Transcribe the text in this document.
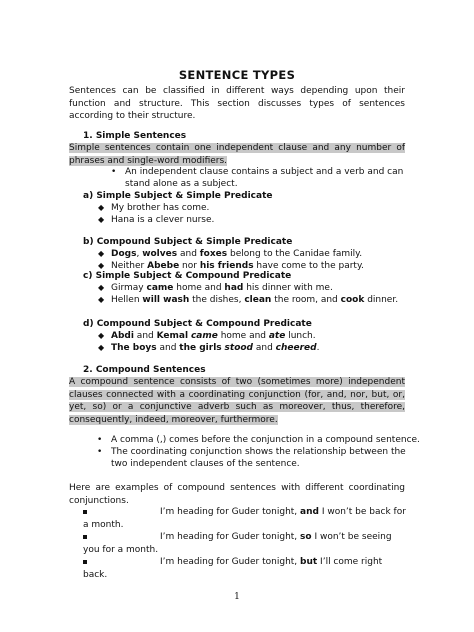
SENTENCE TYPES
Sentences can be classified in different ways depending upon their function and structure. This section discusses types of sentences according to their structure.
1. Simple Sentences
Simple sentences contain one independent clause and any number of phrases and single-word modifiers.
• An independent clause contains a subject and a verb and can
stand alone as a subject.
a) Simple Subject & Simple Predicate
◆ My brother has come.
◆ Hana is a clever nurse.
b) Compound Subject & Simple Predicate
◆ Dogs, wolves and foxes belong to the Canidae family.
◆ Neither Abebe nor his friends have come to the party.
c) Simple Subject & Compound Predicate
◆ Girmay came home and had his dinner with me.
◆ Hellen will wash the dishes, clean the room, and cook dinner.
d) Compound Subject & Compound Predicate
◆ Abdi and Kemal came home and ate lunch.
◆ The boys and the girls stood and cheered.
2. Compound Sentences
A compound sentence consists of two (sometimes more) independent clauses connected with a coordinating conjunction (for, and, nor, but, or, yet, so) or a conjunctive adverb such as moreover, thus, therefore, consequently, indeed, moreover, furthermore.
• A comma (,) comes before the conjunction in a compound sentence.
• The coordinating conjunction shows the relationship between the
two independent clauses of the sentence.
Here are examples of compound sentences with different coordinating conjunctions.
I’m heading for Guder tonight, and I won’t be back for a month.
I’m heading for Guder tonight, so I won’t be seeing you for a month.
I’m heading for Guder tonight, but I’ll come right back.
1
